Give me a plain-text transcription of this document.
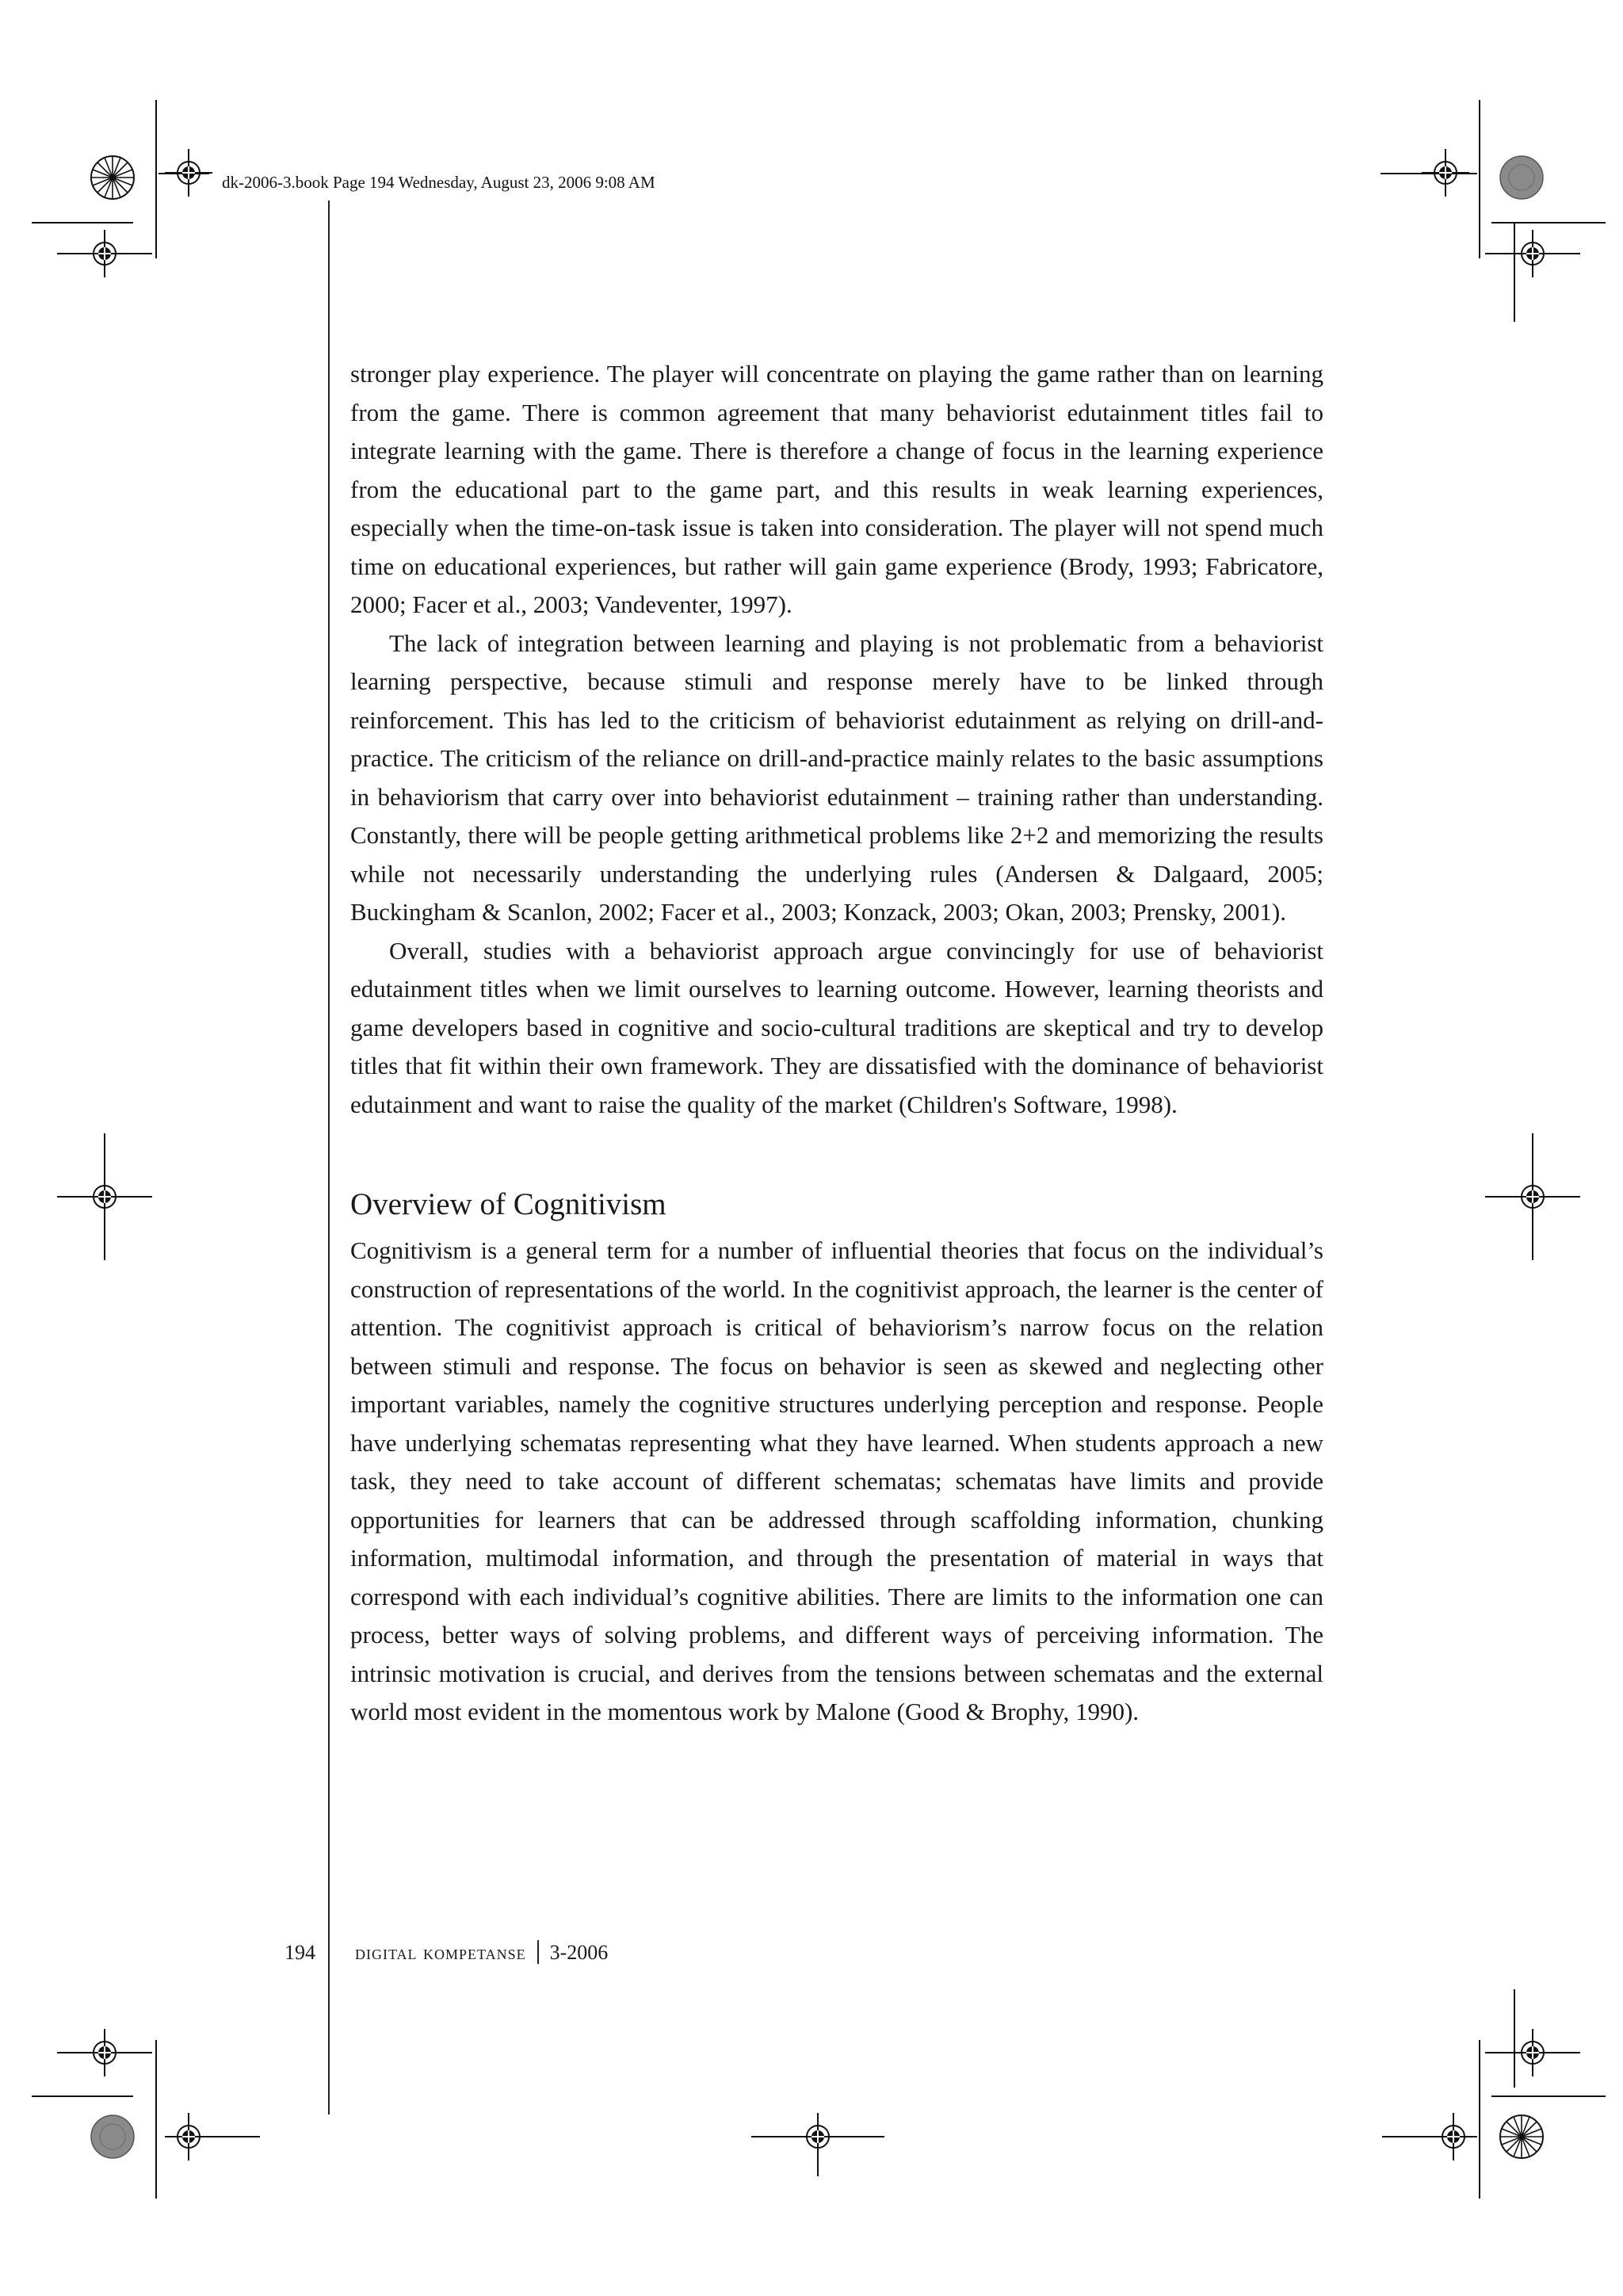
dk-2006-3.book Page 194 Wednesday, August 23, 2006 9:08 AM

stronger play experience. The player will concentrate on playing the game rather than on learning from the game. There is common agreement that many behaviorist edutainment titles fail to integrate learning with the game. There is therefore a change of focus in the learning experience from the educational part to the game part, and this results in weak learning experiences, especially when the time-on-task issue is taken into consideration. The player will not spend much time on educational experiences, but rather will gain game experience (Brody, 1993; Fabricatore, 2000; Facer et al., 2003; Vandeventer, 1997).

The lack of integration between learning and playing is not problematic from a behaviorist learning perspective, because stimuli and response merely have to be linked through reinforcement. This has led to the criticism of behaviorist edutainment as relying on drill-and-practice. The criticism of the reliance on drill-and-practice mainly relates to the basic assumptions in behaviorism that carry over into behaviorist edutainment – training rather than understanding. Constantly, there will be people getting arithmetical problems like 2+2 and memorizing the results while not necessarily understanding the underlying rules (Andersen & Dalgaard, 2005; Buckingham & Scanlon, 2002; Facer et al., 2003; Konzack, 2003; Okan, 2003; Prensky, 2001).

Overall, studies with a behaviorist approach argue convincingly for use of behaviorist edutainment titles when we limit ourselves to learning outcome. However, learning theorists and game developers based in cognitive and socio-cultural traditions are skeptical and try to develop titles that fit within their own framework. They are dissatisfied with the dominance of behaviorist edutainment and want to raise the quality of the market (Children's Software, 1998).

Overview of Cognitivism

Cognitivism is a general term for a number of influential theories that focus on the individual’s construction of representations of the world. In the cognitivist approach, the learner is the center of attention. The cognitivist approach is critical of behaviorism’s narrow focus on the relation between stimuli and response. The focus on behavior is seen as skewed and neglecting other important variables, namely the cognitive structures underlying perception and response. People have underlying schematas representing what they have learned. When students approach a new task, they need to take account of different schematas; schematas have limits and provide opportunities for learners that can be addressed through scaffolding information, chunking information, multimodal information, and through the presentation of material in ways that correspond with each individual’s cognitive abilities. There are limits to the information one can process, better ways of solving problems, and different ways of perceiving information. The intrinsic motivation is crucial, and derives from the tensions between schematas and the external world most evident in the momentous work by Malone (Good & Brophy, 1990).

194 digital kompetanse 3-2006
